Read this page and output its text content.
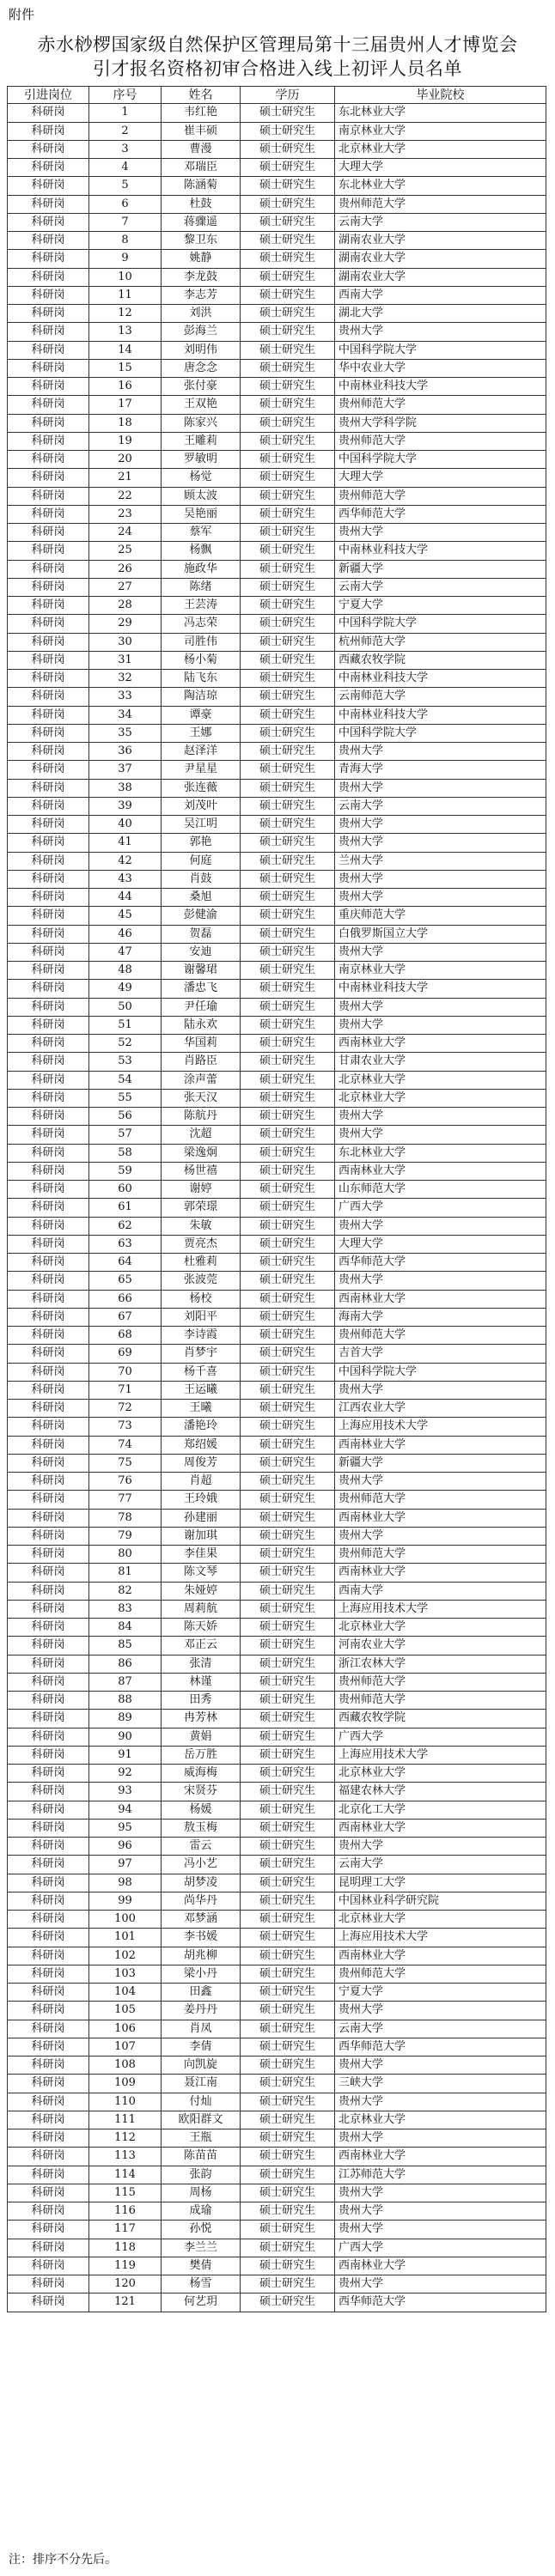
附件
赤水桫椤国家级自然保护区管理局第十三届贵州人才博览会
引才报名资格初审合格进入线上初评人员名单
引进岗位	序号	姓名	学历	毕业院校
科研岗	1	韦红艳	硕士研究生	东北林业大学
科研岗	2	崔丰硕	硕士研究生	南京林业大学
科研岗	3	曹漫	硕士研究生	北京林业大学
科研岗	4	邓瑞臣	硕士研究生	大理大学
科研岗	5	陈涵菊	硕士研究生	东北林业大学
科研岗	6	杜鼓	硕士研究生	贵州师范大学
科研岗	7	蒋骤遥	硕士研究生	云南大学
科研岗	8	黎卫东	硕士研究生	湖南农业大学
科研岗	9	姚静	硕士研究生	湖南农业大学
科研岗	10	李龙鼓	硕士研究生	湖南农业大学
科研岗	11	李志芳	硕士研究生	西南大学
科研岗	12	刘洪	硕士研究生	湖北大学
科研岗	13	彭海兰	硕士研究生	贵州大学
科研岗	14	刘明伟	硕士研究生	中国科学院大学
科研岗	15	唐念念	硕士研究生	华中农业大学
科研岗	16	张付豪	硕士研究生	中南林业科技大学
科研岗	17	王双艳	硕士研究生	贵州师范大学
科研岗	18	陈家兴	硕士研究生	贵州大学科学院
科研岗	19	王雕莉	硕士研究生	贵州师范大学
科研岗	20	罗敏明	硕士研究生	中国科学院大学
科研岗	21	杨觉	硕士研究生	大理大学
科研岗	22	顾太波	硕士研究生	贵州师范大学
科研岗	23	吴艳丽	硕士研究生	西华师范大学
科研岗	24	蔡军	硕士研究生	贵州大学
科研岗	25	杨飘	硕士研究生	中南林业科技大学
科研岗	26	施政华	硕士研究生	新疆大学
科研岗	27	陈绪	硕士研究生	云南大学
科研岗	28	王芸涛	硕士研究生	宁夏大学
科研岗	29	冯志荣	硕士研究生	中国科学院大学
科研岗	30	司胜伟	硕士研究生	杭州师范大学
科研岗	31	杨小菊	硕士研究生	西藏农牧学院
科研岗	32	陆飞东	硕士研究生	中南林业科技大学
科研岗	33	陶洁琼	硕士研究生	云南师范大学
科研岗	34	谭豪	硕士研究生	中南林业科技大学
科研岗	35	王娜	硕士研究生	中国科学院大学
科研岗	36	赵泽洋	硕士研究生	贵州大学
科研岗	37	尹星星	硕士研究生	青海大学
科研岗	38	张连薇	硕士研究生	贵州大学
科研岗	39	刘茂叶	硕士研究生	云南大学
科研岗	40	吴江明	硕士研究生	贵州大学
科研岗	41	郭艳	硕士研究生	贵州大学
科研岗	42	何庭	硕士研究生	兰州大学
科研岗	43	肖鼓	硕士研究生	贵州大学
科研岗	44	桑旭	硕士研究生	贵州大学
科研岗	45	彭健渝	硕士研究生	重庆师范大学
科研岗	46	贺磊	硕士研究生	白俄罗斯国立大学
科研岗	47	安迪	硕士研究生	贵州大学
科研岗	48	谢馨珺	硕士研究生	南京林业大学
科研岗	49	潘忠飞	硕士研究生	中南林业科技大学
科研岗	50	尹任瑜	硕士研究生	贵州大学
科研岗	51	陆永欢	硕士研究生	贵州大学
科研岗	52	华国莉	硕士研究生	西南林业大学
科研岗	53	肖路臣	硕士研究生	甘肃农业大学
科研岗	54	涂声蕾	硕士研究生	北京林业大学
科研岗	55	张天汉	硕士研究生	北京林业大学
科研岗	56	陈航丹	硕士研究生	贵州大学
科研岗	57	沈超	硕士研究生	贵州大学
科研岗	58	梁逸炯	硕士研究生	东北林业大学
科研岗	59	杨世禧	硕士研究生	西南林业大学
科研岗	60	谢婷	硕士研究生	山东师范大学
科研岗	61	郭荣璟	硕士研究生	广西大学
科研岗	62	朱敏	硕士研究生	贵州大学
科研岗	63	贾亮杰	硕士研究生	大理大学
科研岗	64	杜雅莉	硕士研究生	西华师范大学
科研岗	65	张波莞	硕士研究生	贵州大学
科研岗	66	杨校	硕士研究生	西南林业大学
科研岗	67	刘阳平	硕士研究生	海南大学
科研岗	68	李诗霞	硕士研究生	贵州师范大学
科研岗	69	肖梦宇	硕士研究生	吉首大学
科研岗	70	杨千喜	硕士研究生	中国科学院大学
科研岗	71	王运曦	硕士研究生	贵州大学
科研岗	72	王曦	硕士研究生	江西农业大学
科研岗	73	潘艳玲	硕士研究生	上海应用技术大学
科研岗	74	郑绍媛	硕士研究生	西南林业大学
科研岗	75	周俊芳	硕士研究生	新疆大学
科研岗	76	肖超	硕士研究生	贵州大学
科研岗	77	王玲娥	硕士研究生	贵州师范大学
科研岗	78	孙建丽	硕士研究生	西南林业大学
科研岗	79	谢加琪	硕士研究生	贵州大学
科研岗	80	李佳果	硕士研究生	贵州师范大学
科研岗	81	陈文琴	硕士研究生	西南林业大学
科研岗	82	朱娅婷	硕士研究生	西南大学
科研岗	83	周莉航	硕士研究生	上海应用技术大学
科研岗	84	陈天娇	硕士研究生	北京林业大学
科研岗	85	邓正云	硕士研究生	河南农业大学
科研岗	86	张清	硕士研究生	浙江农林大学
科研岗	87	林谨	硕士研究生	贵州师范大学
科研岗	88	田秀	硕士研究生	贵州师范大学
科研岗	89	冉芳林	硕士研究生	西藏农牧学院
科研岗	90	黄娟	硕士研究生	广西大学
科研岗	91	岳万胜	硕士研究生	上海应用技术大学
科研岗	92	威海梅	硕士研究生	北京林业大学
科研岗	93	宋贤芬	硕士研究生	福建农林大学
科研岗	94	杨媛	硕士研究生	北京化工大学
科研岗	95	敖玉梅	硕士研究生	西南林业大学
科研岗	96	雷云	硕士研究生	贵州大学
科研岗	97	冯小艺	硕士研究生	云南大学
科研岗	98	胡梦凌	硕士研究生	昆明理工大学
科研岗	99	尚华丹	硕士研究生	中国林业科学研究院
科研岗	100	邓梦涵	硕士研究生	北京林业大学
科研岗	101	李书媛	硕士研究生	上海应用技术大学
科研岗	102	胡兆柳	硕士研究生	西南林业大学
科研岗	103	梁小丹	硕士研究生	贵州师范大学
科研岗	104	田鑫	硕士研究生	宁夏大学
科研岗	105	姜丹丹	硕士研究生	贵州大学
科研岗	106	肖凤	硕士研究生	云南大学
科研岗	107	李倩	硕士研究生	西华师范大学
科研岗	108	向凯旋	硕士研究生	贵州大学
科研岗	109	聂江南	硕士研究生	三峡大学
科研岗	110	付灿	硕士研究生	贵州大学
科研岗	111	欧阳群文	硕士研究生	北京林业大学
科研岗	112	王瓶	硕士研究生	贵州大学
科研岗	113	陈苗苗	硕士研究生	西南林业大学
科研岗	114	张韵	硕士研究生	江苏师范大学
科研岗	115	周杨	硕士研究生	贵州大学
科研岗	116	成瑜	硕士研究生	贵州大学
科研岗	117	孙悦	硕士研究生	贵州大学
科研岗	118	李兰兰	硕士研究生	广西大学
科研岗	119	樊倩	硕士研究生	西南林业大学
科研岗	120	杨雪	硕士研究生	贵州大学
科研岗	121	何艺玥	硕士研究生	西华师范大学
注：排序不分先后。
